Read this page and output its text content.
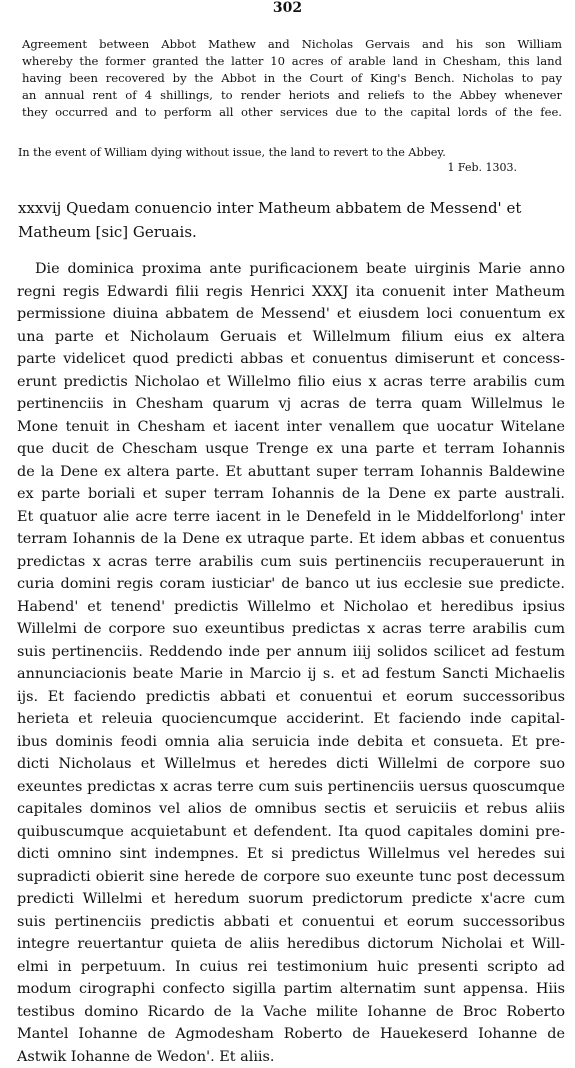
302
Agreement between Abbot Mathew and Nicholas Gervais and his son William
whereby the former granted the latter 10 acres of arable land in Chesham, this land
having been recovered by the Abbot in the Court of King's Bench. Nicholas to pay
an annual rent of 4 shillings, to render heriots and reliefs to the Abbey whenever
they occurred and to perform all other services due to the capital lords of the fee.
In the event of William dying without issue, the land to revert to the Abbey.
1 Feb. 1303.
xxxvij Quedam conuencio inter Matheum abbatem de Messend' et
Matheum [sic] Geruais.
Die dominica proxima ante purificacionem beate uirginis Marie anno
regni regis Edwardi filii regis Henrici XXXJ ita conuenit inter Matheum
permissione diuina abbatem de Messend' et eiusdem loci conuentum ex
una parte et Nicholaum Geruais et Willelmum filium eius ex altera
parte videlicet quod predicti abbas et conuentus dimiserunt et concess-
erunt predictis Nicholao et Willelmo filio eius x acras terre arabilis cum
pertinenciis in Chesham quarum vj acras de terra quam Willelmus le
Mone tenuit in Chesham et iacent inter venallem que uocatur Witelane
que ducit de Chescham usque Trenge ex una parte et terram Iohannis
de la Dene ex altera parte. Et abuttant super terram Iohannis Baldewine
ex parte boriali et super terram Iohannis de la Dene ex parte australi.
Et quatuor alie acre terre iacent in le Denefeld in le Middelforlong' inter
terram Iohannis de la Dene ex utraque parte. Et idem abbas et conuentus
predictas x acras terre arabilis cum suis pertinenciis recuperauerunt in
curia domini regis coram iusticiar' de banco ut ius ecclesie sue predicte.
Habend' et tenend' predictis Willelmo et Nicholao et heredibus ipsius
Willelmi de corpore suo exeuntibus predictas x acras terre arabilis cum
suis pertinenciis. Reddendo inde per annum iiij solidos scilicet ad festum
annunciacionis beate Marie in Marcio ij s. et ad festum Sancti Michaelis
ijs. Et faciendo predictis abbati et conuentui et eorum successoribus
herieta et releuia quociencumque acciderint. Et faciendo inde capital-
ibus dominis feodi omnia alia seruicia inde debita et consueta. Et pre-
dicti Nicholaus et Willelmus et heredes dicti Willelmi de corpore suo
exeuntes predictas x acras terre cum suis pertinenciis uersus quoscumque
capitales dominos vel alios de omnibus sectis et seruiciis et rebus aliis
quibuscumque acquietabunt et defendent. Ita quod capitales domini pre-
dicti omnino sint indempnes. Et si predictus Willelmus vel heredes sui
supradicti obierit sine herede de corpore suo exeunte tunc post decessum
predicti Willelmi et heredum suorum predictorum predicte x'acre cum
suis pertinenciis predictis abbati et conuentui et eorum successoribus
integre reuertantur quieta de aliis heredibus dictorum Nicholai et Will-
elmi in perpetuum. In cuius rei testimonium huic presenti scripto ad
modum cirographi confecto sigilla partim alternatim sunt appensa. Hiis
testibus domino Ricardo de la Vache milite Iohanne de Broc Roberto
Mantel Iohanne de Agmodesham Roberto de Hauekeserd Iohanne de
Astwik Iohanne de Wedon'. Et aliis.
